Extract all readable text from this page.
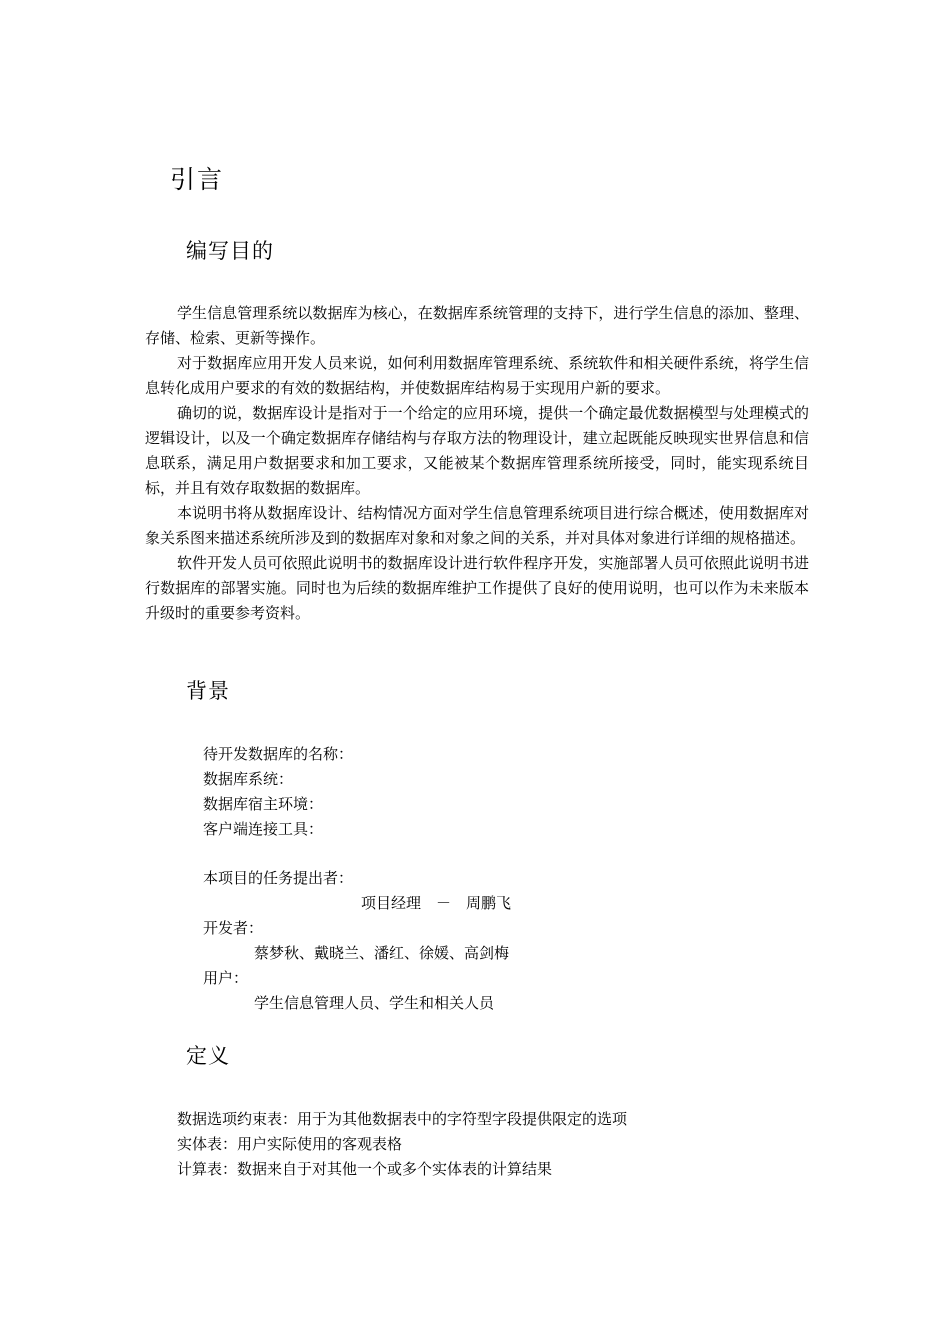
引言
编写目的

学生信息管理系统以数据库为核心，在数据库系统管理的支持下，进行学生信息的添加、整理、存储、检索、更新等操作。

对于数据库应用开发人员来说，如何利用数据库管理系统、系统软件和相关硬件系统，将学生信息转化成用户要求的有效的数据结构，并使数据库结构易于实现用户新的要求。

确切的说，数据库设计是指对于一个给定的应用环境，提供一个确定最优数据模型与处理模式的逻辑设计，以及一个确定数据库存储结构与存取方法的物理设计，建立起既能反映现实世界信息和信息联系，满足用户数据要求和加工要求，又能被某个数据库管理系统所接受，同时，能实现系统目标，并且有效存取数据的数据库。

本说明书将从数据库设计、结构情况方面对学生信息管理系统项目进行综合概述，使用数据库对象关系图来描述系统所涉及到的数据库对象和对象之间的关系，并对具体对象进行详细的规格描述。

软件开发人员可依照此说明书的数据库设计进行软件程序开发，实施部署人员可依照此说明书进行数据库的部署实施。同时也为后续的数据库维护工作提供了良好的使用说明，也可以作为未来版本升级时的重要参考资料。

背景
待开发数据库的名称：
数据库系统：
数据库宿主环境：
客户端连接工具：
本项目的任务提出者：
项目经理　－　周鹏飞
开发者：
蔡梦秋、戴晓兰、潘红、徐媛、高剑梅
用户：
学生信息管理人员、学生和相关人员
定义
数据选项约束表：用于为其他数据表中的字符型字段提供限定的选项
实体表：用户实际使用的客观表格
计算表：数据来自于对其他一个或多个实体表的计算结果
